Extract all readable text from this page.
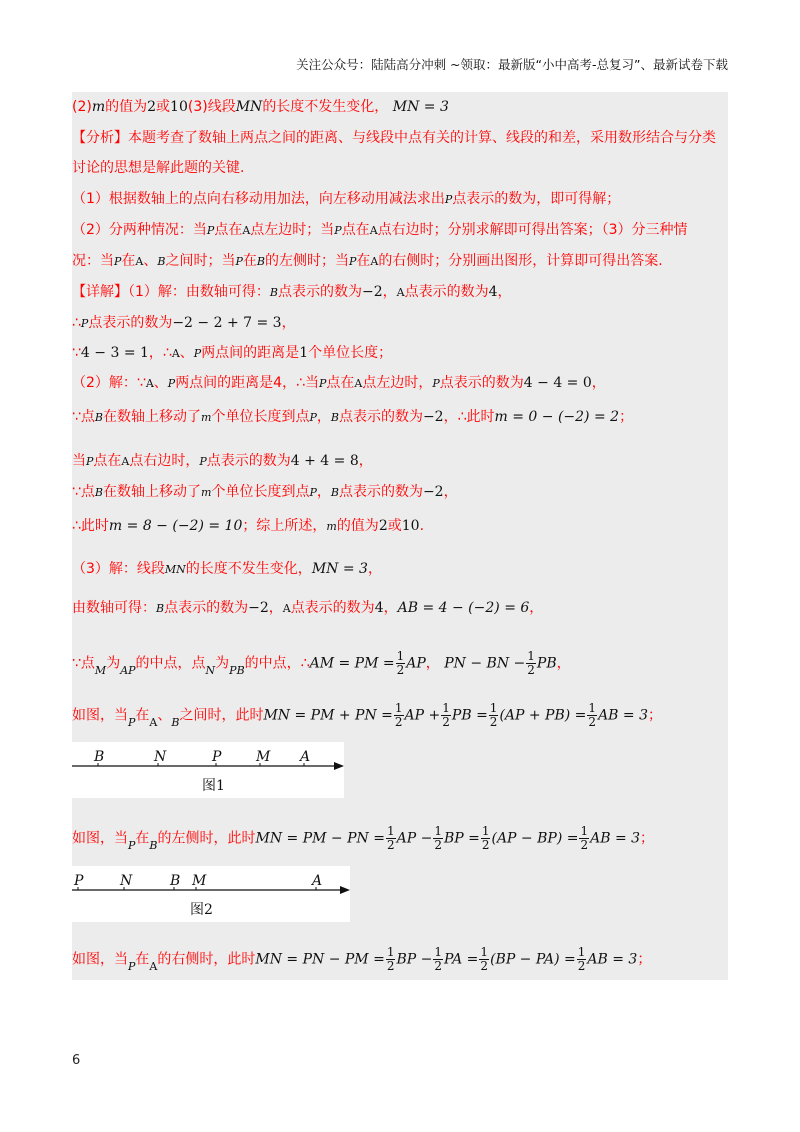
关注公众号：陆陆高分冲刺 ~领取：最新版“小中高考-总复习”、最新试卷下载
(2)m的值为2或10(3)线段MN的长度不发生变化， MN = 3
【分析】本题考查了数轴上两点之间的距离、与线段中点有关的计算、线段的和差，采用数形结合与分类
讨论的思想是解此题的关键.
（1）根据数轴上的点向右移动用加法，向左移动用减法求出P点表示的数为，即可得解；
（2）分两种情况：当P点在A点左边时；当P点在A点右边时；分别求解即可得出答案；（3）分三种情
况：当P在A、B之间时；当P在B的左侧时；当P在A的右侧时；分别画出图形，计算即可得出答案.
【详解】（1）解：由数轴可得：B点表示的数为−2，A点表示的数为4，
∴P点表示的数为−2 − 2 + 7 = 3，
∵4 − 3 = 1，∴A、P两点间的距离是1个单位长度；
（2）解：∵A、P两点间的距离是4，∴当P点在A点左边时，P点表示的数为4 − 4 = 0，
∵点B在数轴上移动了m个单位长度到点P，B点表示的数为−2，∴此时m = 0 − (−2) = 2；
当P点在A点右边时，P点表示的数为4 + 4 = 8，
∵点B在数轴上移动了m个单位长度到点P，B点表示的数为−2，
∴此时m = 8 − (−2) = 10；综上所述，m的值为2或10.
（3）解：线段MN的长度不发生变化，MN = 3，
由数轴可得：B点表示的数为−2，A点表示的数为4，AB = 4 − (−2) = 6，
∵点$_M$为$_{AP}$的中点，点$_N$为$_{PB}$的中点，∴AM = PM = $\frac{1}{2}$ AP， PN − BN − $\frac{1}{2}$ PB，
如图，当$_P$在$_A$、$_B$之间时，此时MN = PM + PN = $\frac{1}{2}$ AP + $\frac{1}{2}$ PB = $\frac{1}{2} (AP + PB) = \frac{1}{2}$ AB = 3；
B	N	P M A
图1
如图，当$_P$在$_B$的左侧时，此时MN = PM − PN = $\frac{1}{2}$ AP − $\frac{1}{2}$ BP = $\frac{1}{2} (AP - BP) = \frac{1}{2}$ AB = 3；
P	N	B M	A
图2
如图，当$_P$在$_A$的右侧时，此时MN = PN − PM = $\frac{1}{2}$ BP − $\frac{1}{2}$ PA = $\frac{1}{2} (BP - PA) = \frac{1}{2}$ AB = 3；
6
